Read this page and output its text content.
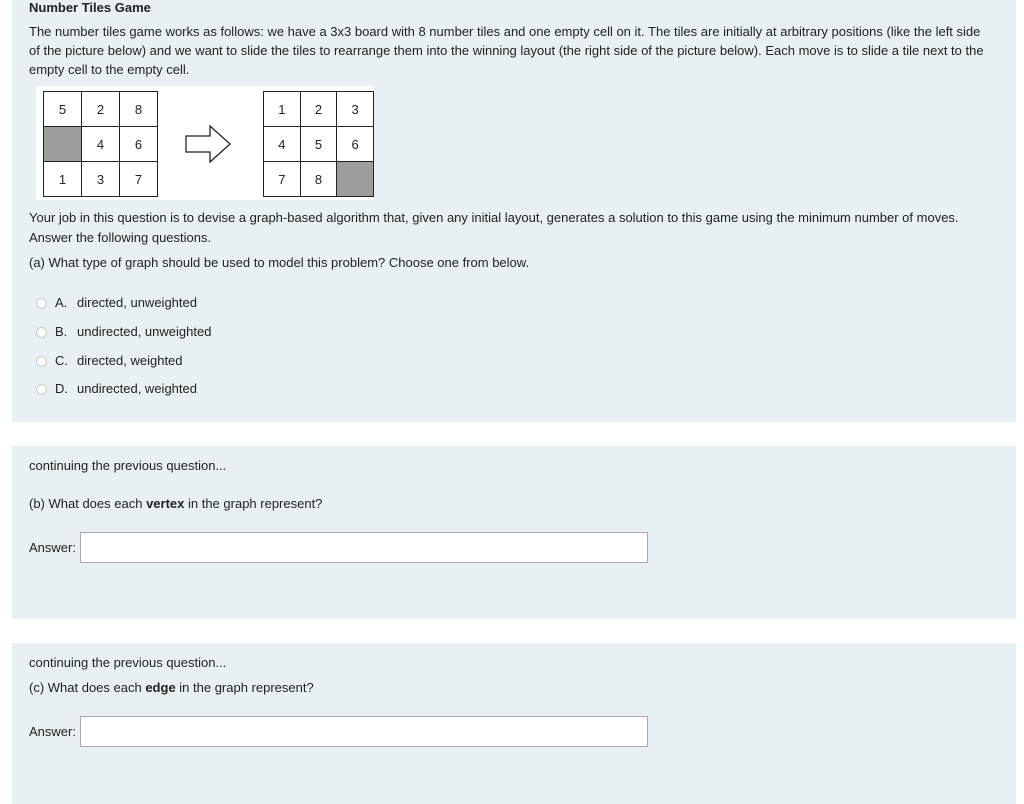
Number Tiles Game
The number tiles game works as follows: we have a 3x3 board with 8 number tiles and one empty cell on it. The tiles are initially at arbitrary positions (like the left side of the picture below) and we want to slide the tiles to rearrange them into the winning layout (the right side of the picture below). Each move is to slide a tile next to the empty cell to the empty cell.
5	2	8
	4	6
1	3	7
1	2	3
4	5	6
7	8	
Your job in this question is to devise a graph-based algorithm that, given any initial layout, generates a solution to this game using the minimum number of moves.
Answer the following questions.
(a) What type of graph should be used to model this problem? Choose one from below.
A. directed, unweighted
B. undirected, unweighted
C. directed, weighted
D. undirected, weighted
continuing the previous question...
(b) What does each vertex in the graph represent?
Answer:
continuing the previous question...
(c) What does each edge in the graph represent?
Answer:
